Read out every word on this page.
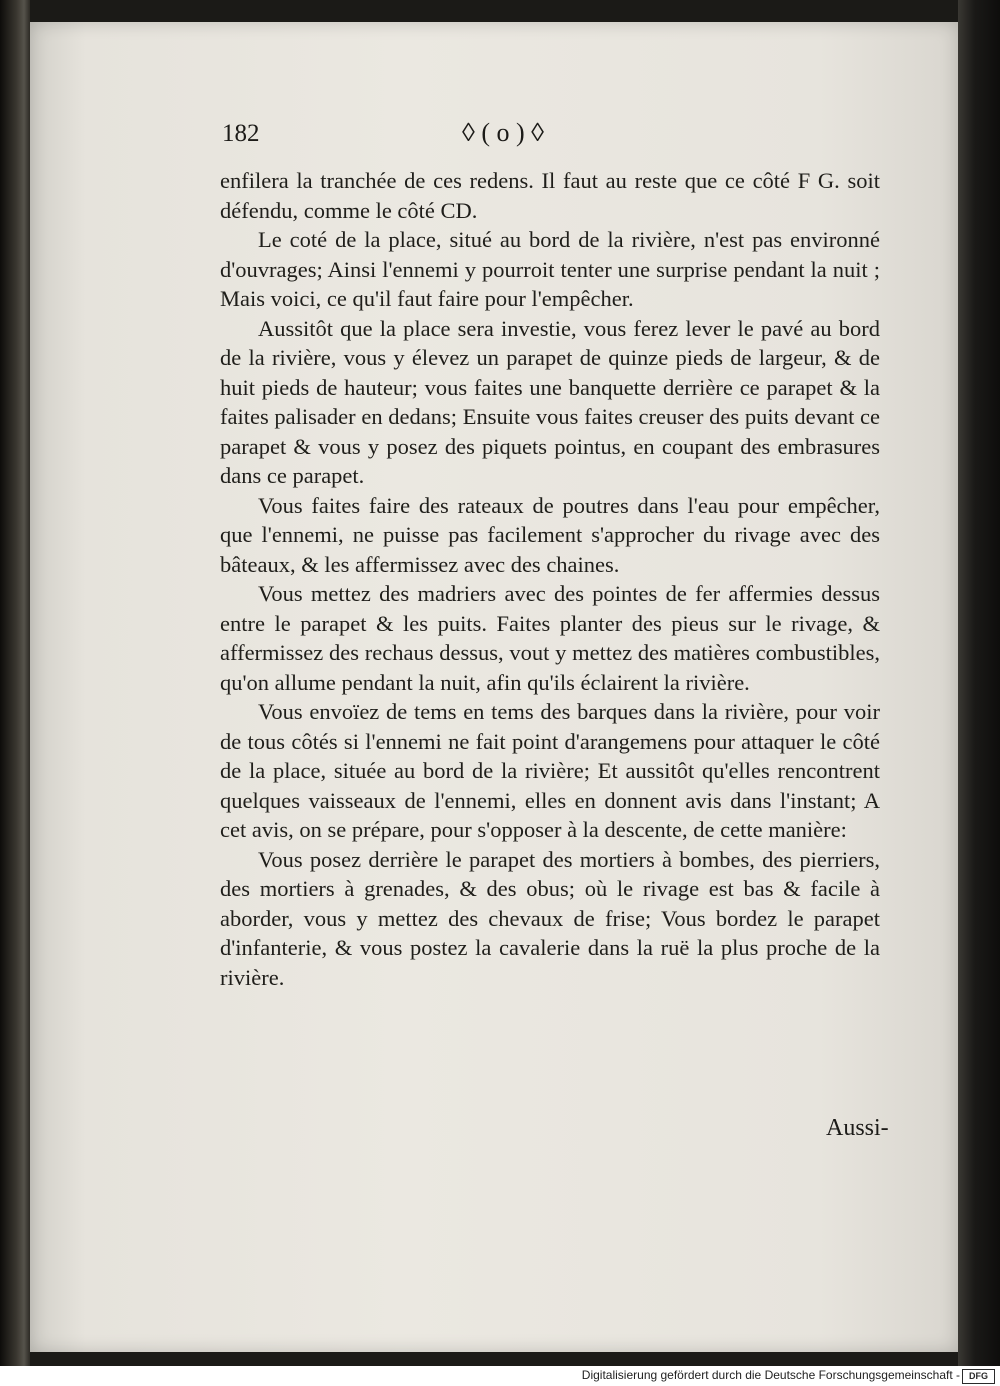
182	◊ ( o ) ◊

enfilera la tranchée de ces redens. Il faut au reste que ce côté F G. soit défendu, comme le côté CD.

Le coté de la place, situé au bord de la rivière, n'est pas environné d'ouvrages; Ainsi l'ennemi y pourroit tenter une surprise pendant la nuit ; Mais voici, ce qu'il faut faire pour l'empêcher.

Aussitôt que la place sera investie, vous ferez lever le pavé au bord de la rivière, vous y élevez un parapet de quinze pieds de largeur, & de huit pieds de hauteur; vous faites une banquette derrière ce parapet & la faites palisader en dedans; Ensuite vous faites creuser des puits devant ce parapet & vous y posez des piquets pointus, en coupant des embrasures dans ce parapet.

Vous faites faire des rateaux de poutres dans l'eau pour empêcher, que l'ennemi, ne puisse pas facilement s'approcher du rivage avec des bâteaux, & les affermissez avec des chaines.

Vous mettez des madriers avec des pointes de fer affermies dessus entre le parapet & les puits. Faites planter des pieus sur le rivage, & affermissez des rechaus dessus, vout y mettez des matières combustibles, qu'on allume pendant la nuit, afin qu'ils éclairent la rivière.

Vous envoïez de tems en tems des barques dans la rivière, pour voir de tous côtés si l'ennemi ne fait point d'arangemens pour attaquer le côté de la place, située au bord de la rivière; Et aussitôt qu'elles rencontrent quelques vaisseaux de l'ennemi, elles en donnent avis dans l'instant; A cet avis, on se prépare, pour s'opposer à la descente, de cette manière:

Vous posez derrière le parapet des mortiers à bombes, des pierriers, des mortiers à grenades, & des obus; où le rivage est bas & facile à aborder, vous y mettez des chevaux de frise; Vous bordez le parapet d'infanterie, & vous postez la cavalerie dans la ruë la plus proche de la rivière.

Aussi-
Digitalisierung gefördert durch die Deutsche Forschungsgemeinschaft -	DFG
